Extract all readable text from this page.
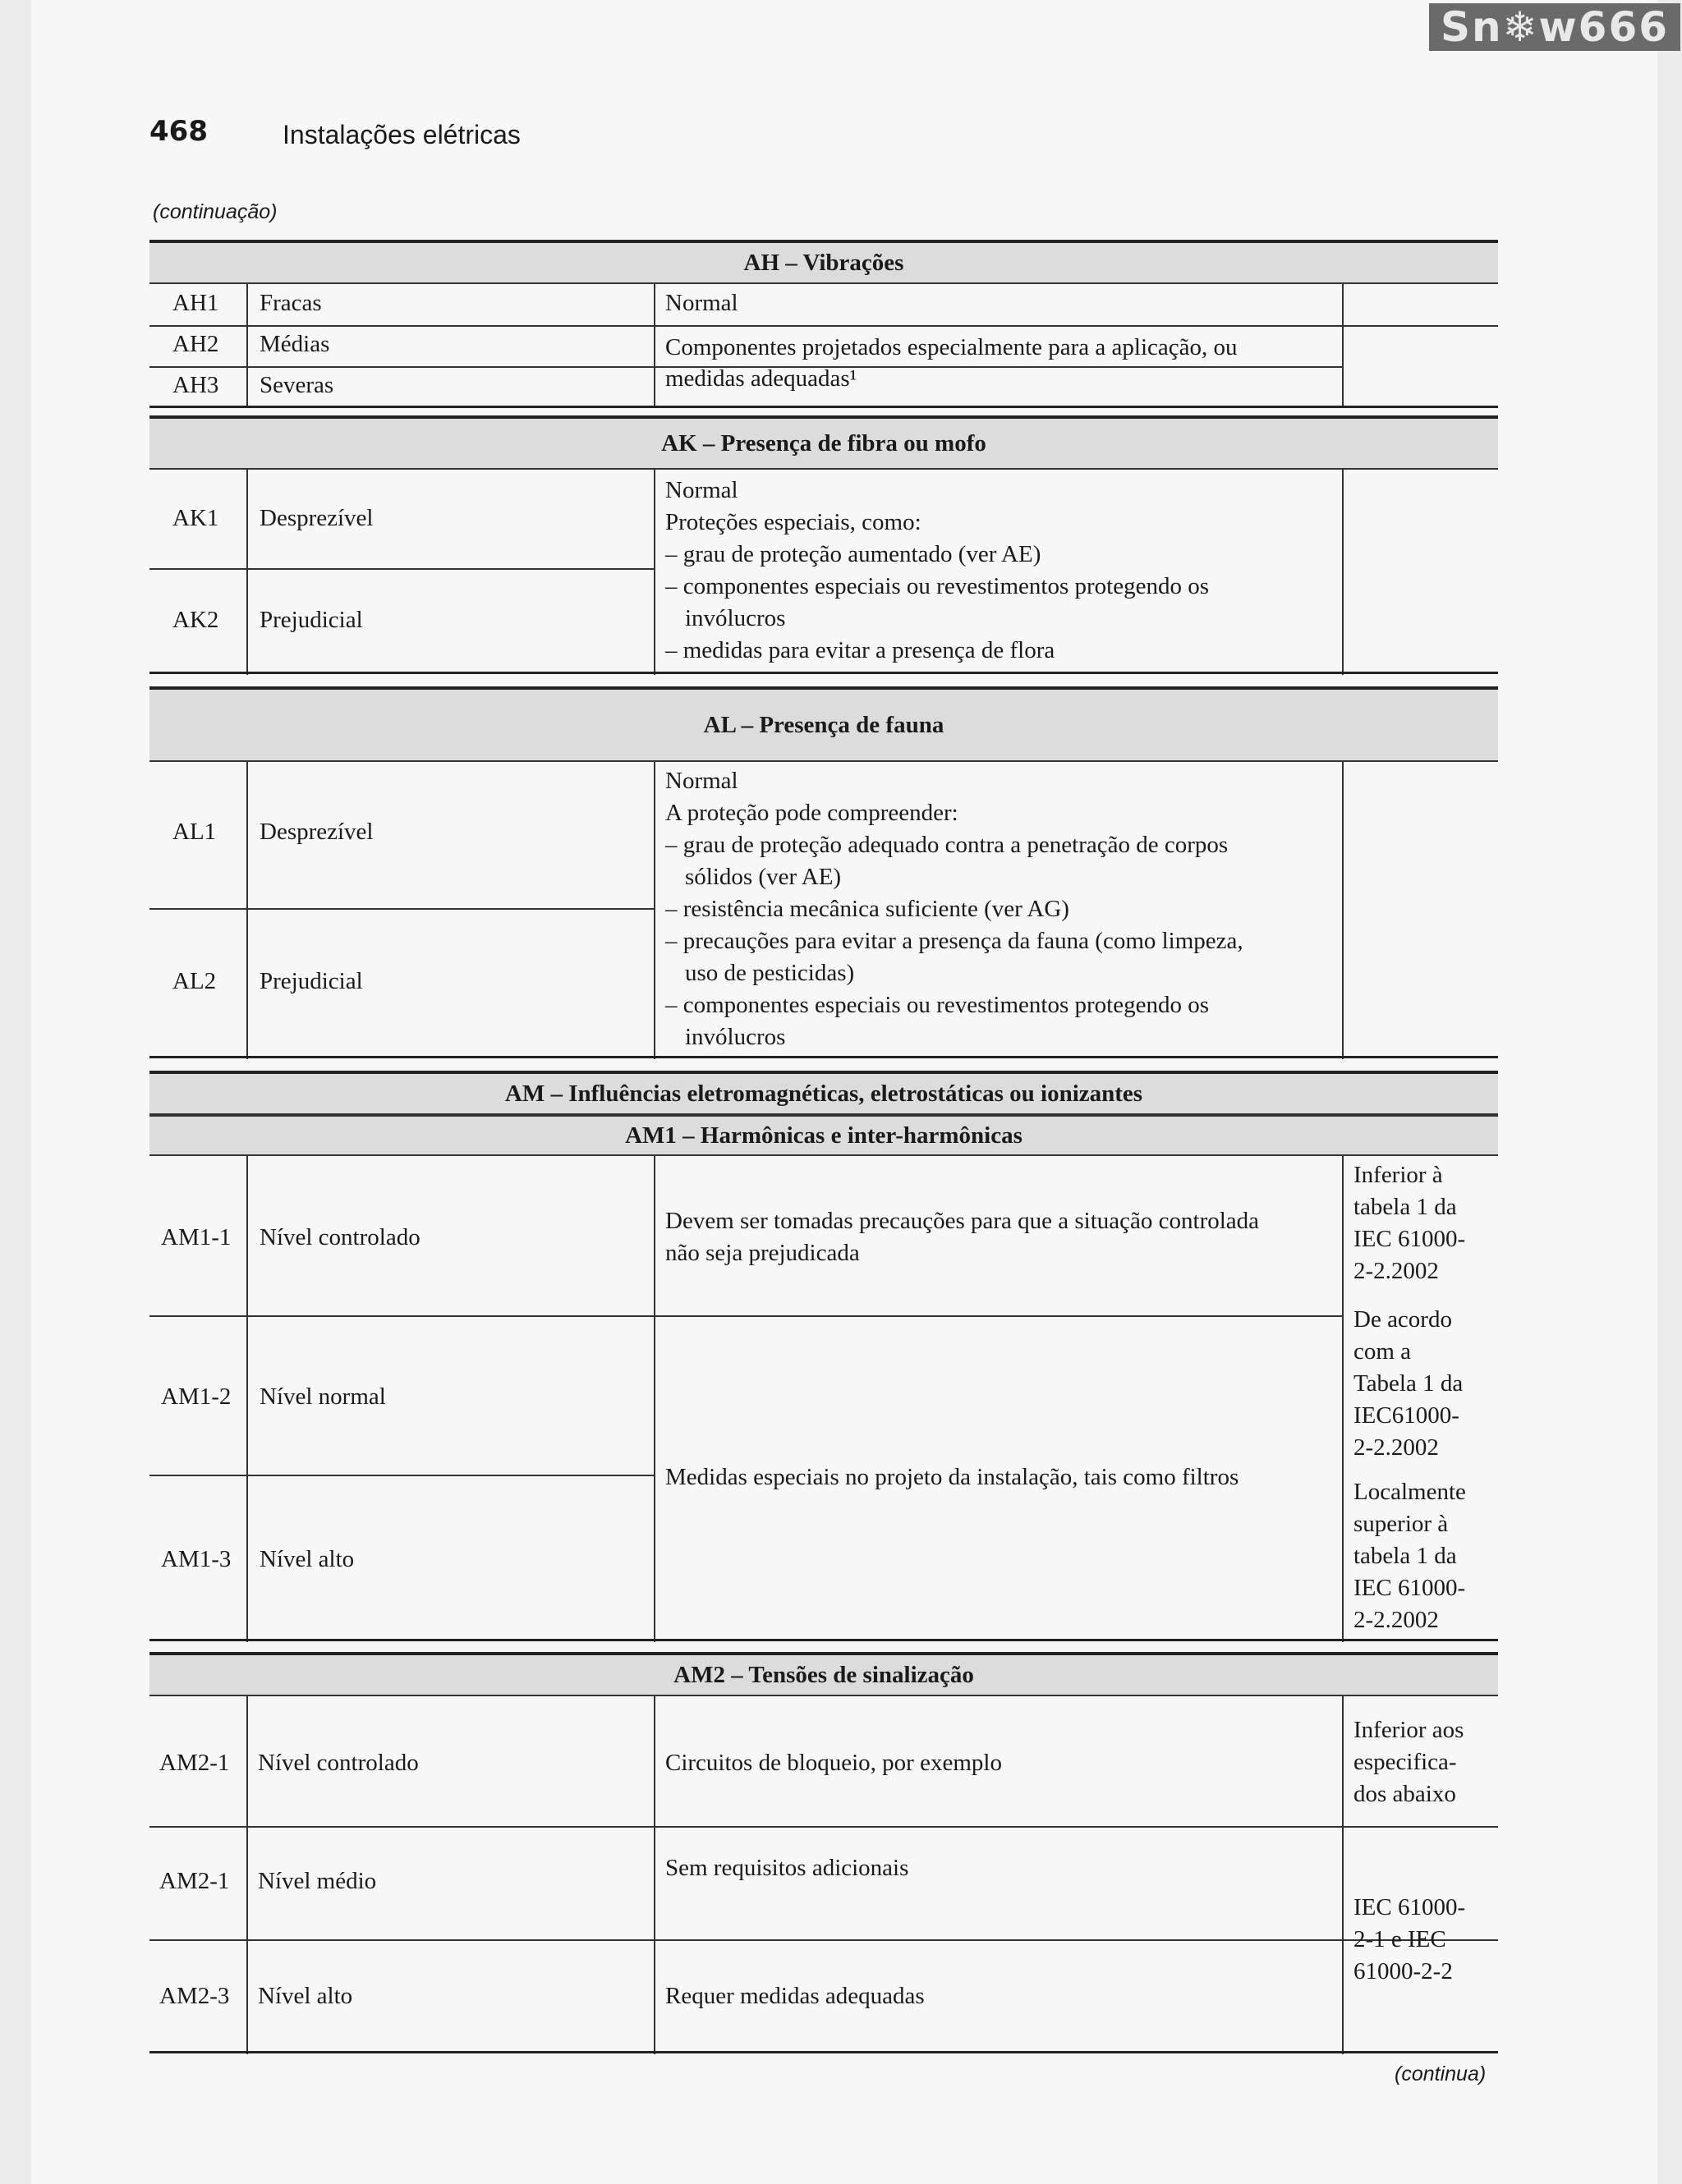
Sn❄w666
468	Instalações elétricas
(continuação)
AH – Vibrações
AH1 Fracas
AH2 Médias
AH3 Severas
Normal
Componentes projetados especialmente para a aplicação, ou
medidas adequadas¹
AK – Presença de fibra ou mofo
AK1 Desprezível
AK2 Prejudicial
Normal
Proteções especiais, como:
– grau de proteção aumentado (ver AE)
– componentes especiais ou revestimentos protegendo os
invólucros
– medidas para evitar a presença de flora
AL – Presença de fauna
AL1 Desprezível
AL2 Prejudicial
Normal
A proteção pode compreender:
– grau de proteção adequado contra a penetração de corpos
sólidos (ver AE)
– resistência mecânica suficiente (ver AG)
– precauções para evitar a presença da fauna (como limpeza,
uso de pesticidas)
– componentes especiais ou revestimentos protegendo os
invólucros
AM – Influências eletromagnéticas, eletrostáticas ou ionizantes
AM1 – Harmônicas e inter-harmônicas
AM1-1 Nível controlado
AM1-2 Nível normal
AM1-3 Nível alto
Devem ser tomadas precauções para que a situação controlada
não seja prejudicada
Medidas especiais no projeto da instalação, tais como filtros
Inferior à
tabela 1 da
IEC 61000-
2-2.2002
De acordo
com a
Tabela 1 da
IEC61000-
2-2.2002
Localmente
superior à
tabela 1 da
IEC 61000-
2-2.2002
AM2 – Tensões de sinalização
AM2-1 Nível controlado
AM2-1 Nível médio
AM2-3 Nível alto
Circuitos de bloqueio, por exemplo
Sem requisitos adicionais
Requer medidas adequadas
Inferior aos
especifica-
dos abaixo
IEC 61000-
2-1 e IEC
61000-2-2
(continua)
